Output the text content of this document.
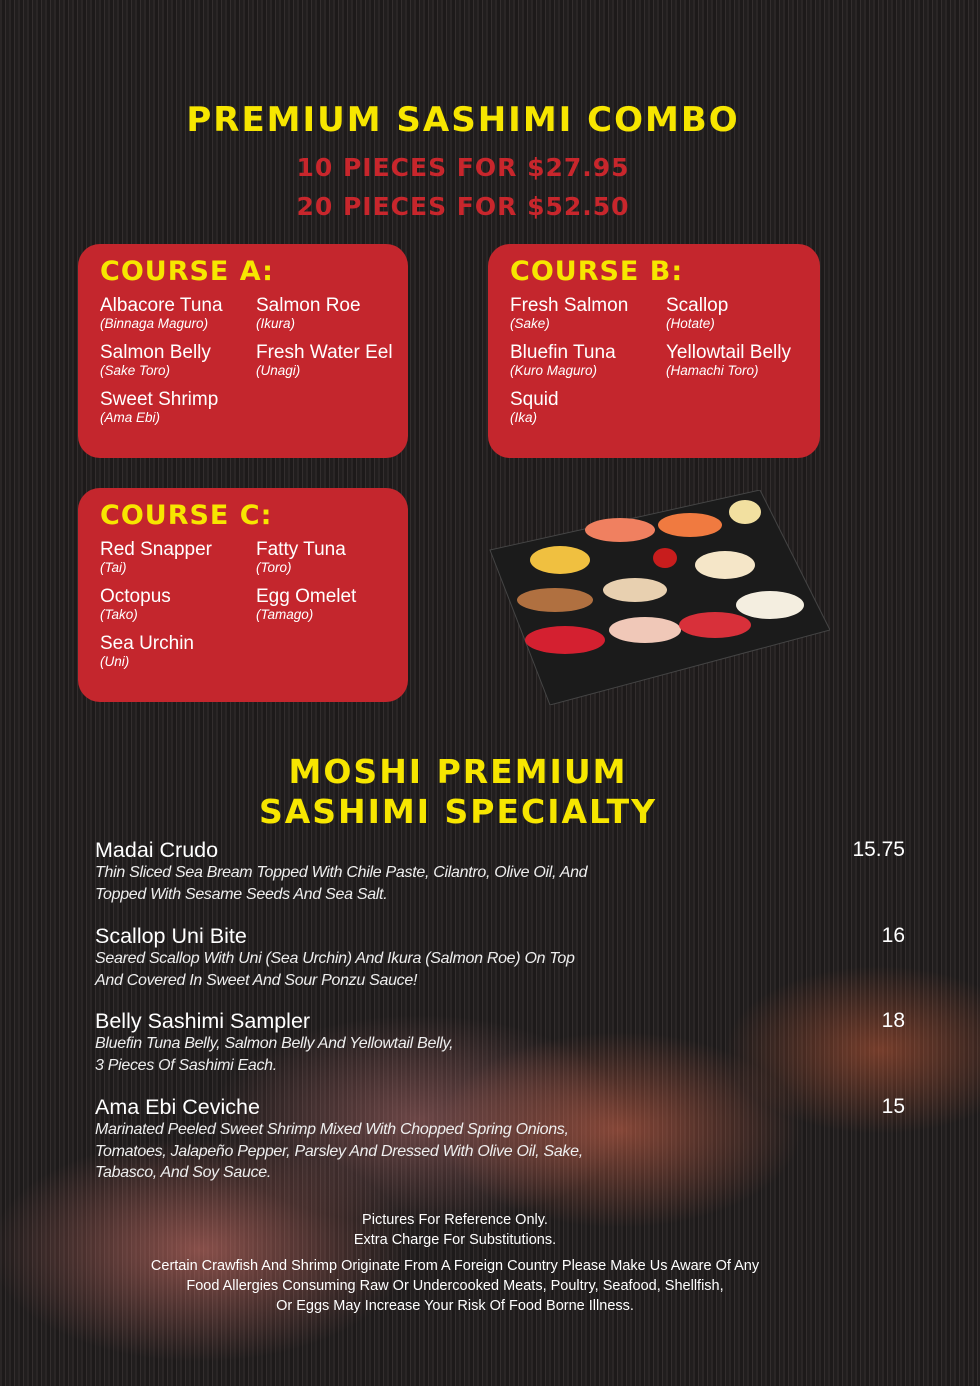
PREMIUM SASHIMI COMBO
10 PIECES FOR $27.95
20 PIECES FOR $52.50
COURSE A:
Albacore Tuna
(Binnaga Maguro)
Salmon Roe
(Ikura)
Salmon Belly
(Sake Toro)
Fresh Water Eel
(Unagi)
Sweet Shrimp
(Ama Ebi)
COURSE B:
Fresh Salmon
(Sake)
Scallop
(Hotate)
Bluefin Tuna
(Kuro Maguro)
Yellowtail Belly
(Hamachi Toro)
Squid
(Ika)
COURSE C:
Red Snapper
(Tai)
Fatty Tuna
(Toro)
Octopus
(Tako)
Egg Omelet
(Tamago)
Sea Urchin
(Uni)
MOSHI PREMIUM
SASHIMI SPECIALTY
Madai Crudo	15.75
Thin Sliced Sea Bream Topped With Chile Paste, Cilantro, Olive Oil, And
Topped With Sesame Seeds And Sea Salt.
Scallop Uni Bite	16
Seared Scallop With Uni (Sea Urchin) And Ikura (Salmon Roe) On Top
And Covered In Sweet And Sour Ponzu Sauce!
Belly Sashimi Sampler	18
Bluefin Tuna Belly, Salmon Belly And Yellowtail Belly,
3 Pieces Of Sashimi Each.
Ama Ebi Ceviche	15
Marinated Peeled Sweet Shrimp Mixed With Chopped Spring Onions,
Tomatoes, Jalapeño Pepper, Parsley And Dressed With Olive Oil, Sake,
Tabasco, And Soy Sauce.
Pictures For Reference Only.
Extra Charge For Substitutions.
Certain Crawfish And Shrimp Originate From A Foreign Country Please Make Us Aware Of Any
Food Allergies Consuming Raw Or Undercooked Meats, Poultry, Seafood, Shellfish,
Or Eggs May Increase Your Risk Of Food Borne Illness.
